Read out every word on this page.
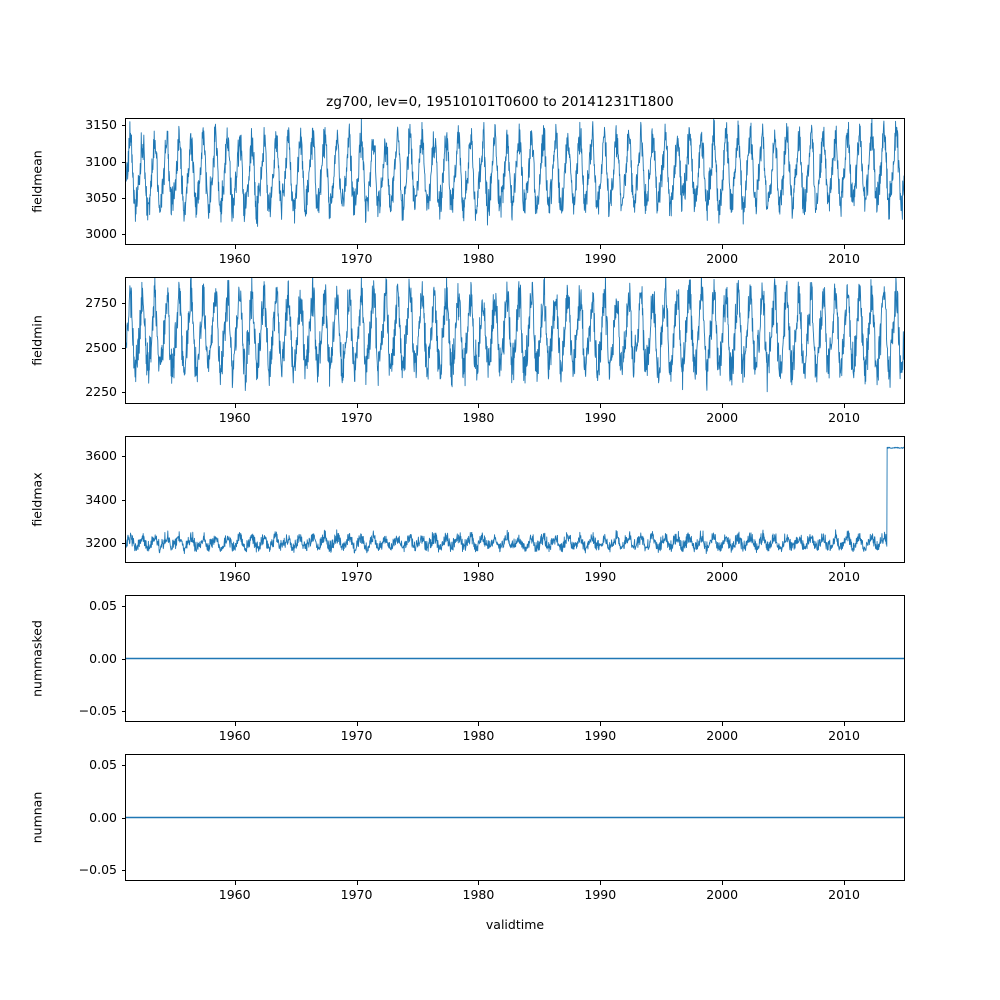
zg700, lev=0, 19510101T0600 to 20141231T1800
validtime
3000
3050
3100
3150
1960	1970	1980	1990	2000	2010
fieldmean
2250
2500
2750
1960	1970	1980	1990	2000	2010
fieldmin
3200
3400
3600
1960	1970	1980	1990	2000	2010
fieldmax
−0.05
0.00
0.05
1960	1970	1980	1990	2000	2010
nummasked
−0.05
0.00
0.05
1960	1970	1980	1990	2000	2010
numnan
